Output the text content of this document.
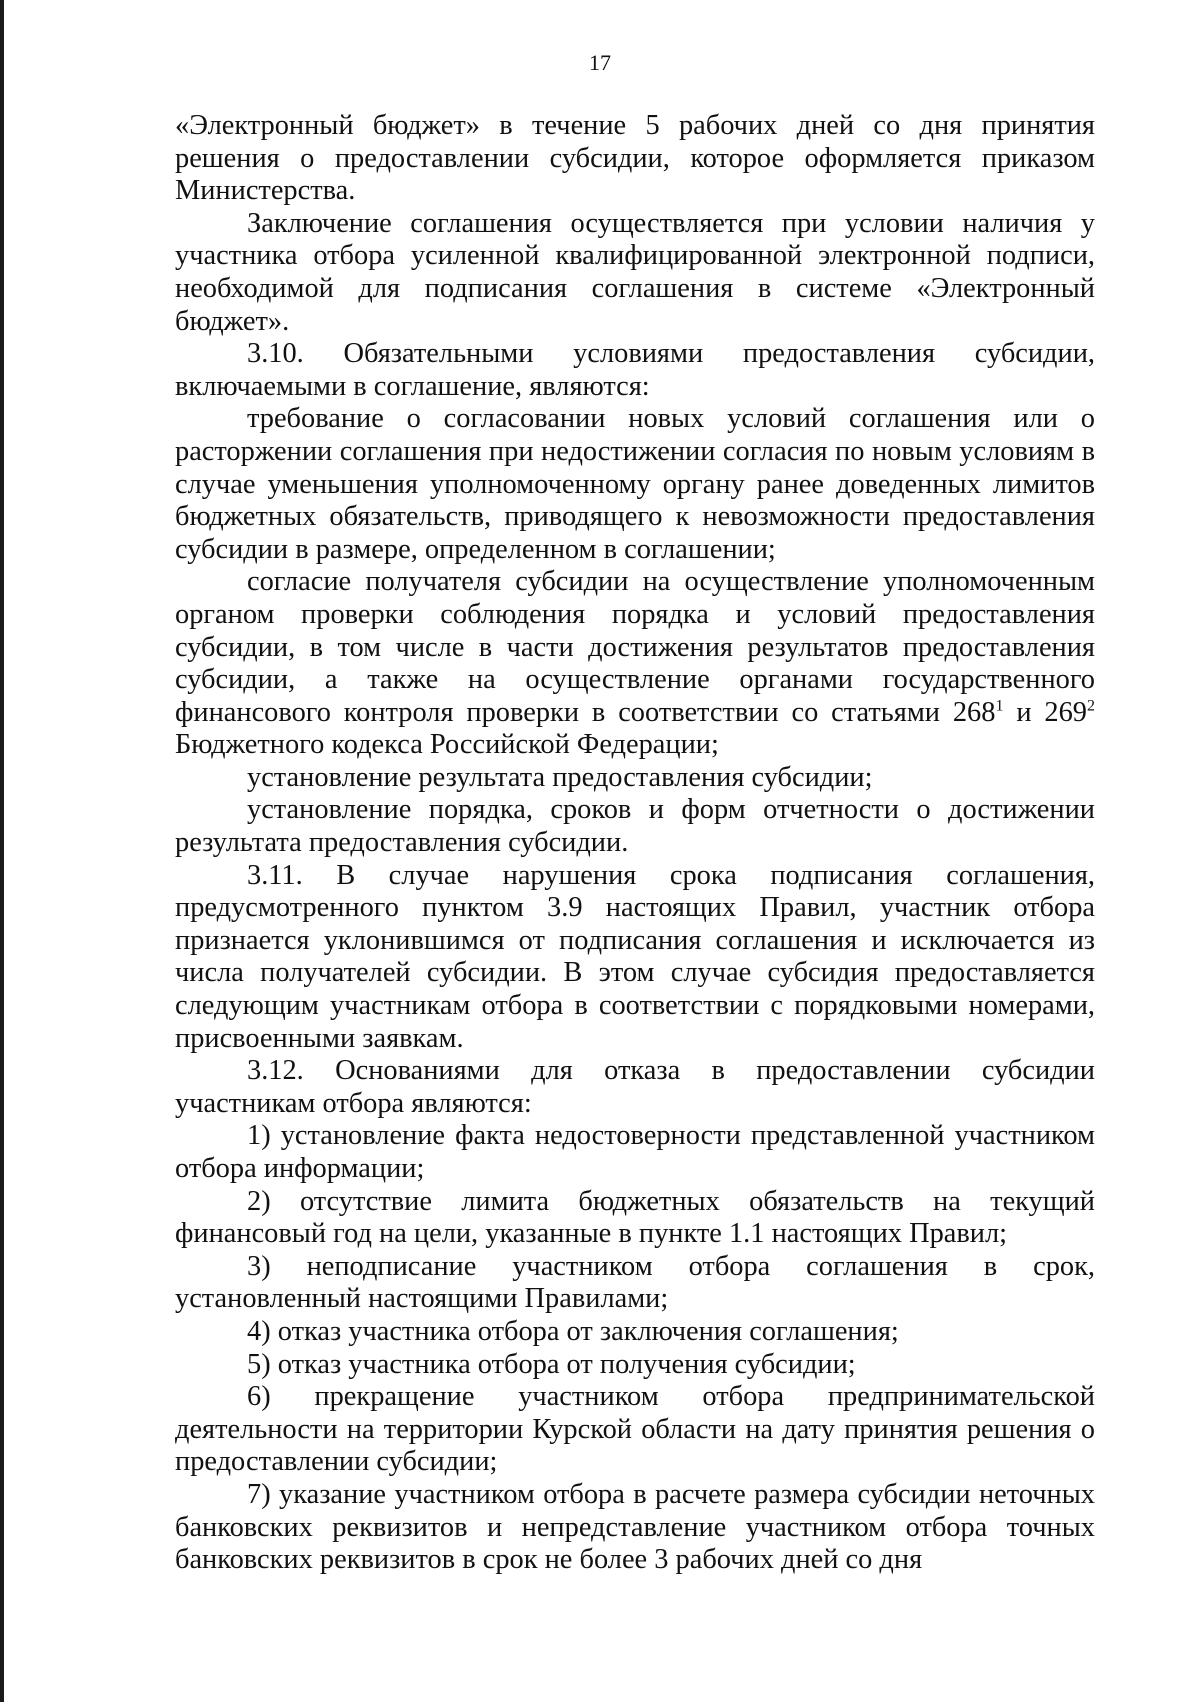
17

«Электронный бюджет» в течение 5 рабочих дней со дня принятия решения о предоставлении субсидии, которое оформляется приказом Министерства.

Заключение соглашения осуществляется при условии наличия у участника отбора усиленной квалифицированной электронной подписи, необходимой для подписания соглашения в системе «Электронный бюджет».

3.10. Обязательными условиями предоставления субсидии, включаемыми в соглашение, являются:

требование о согласовании новых условий соглашения или о расторжении соглашения при недостижении согласия по новым условиям в случае уменьшения уполномоченному органу ранее доведенных лимитов бюджетных обязательств, приводящего к невозможности предоставления субсидии в размере, определенном в соглашении;

согласие получателя субсидии на осуществление уполномоченным органом проверки соблюдения порядка и условий предоставления субсидии, в том числе в части достижения результатов предоставления субсидии, а также на осуществление органами государственного финансового контроля проверки в соответствии со статьями $268^1$ и $269^2$ Бюджетного кодекса Российской Федерации;

установление результата предоставления субсидии;

установление порядка, сроков и форм отчетности о достижении результата предоставления субсидии.

3.11. В случае нарушения срока подписания соглашения, предусмотренного пунктом 3.9 настоящих Правил, участник отбора признается уклонившимся от подписания соглашения и исключается из числа получателей субсидии. В этом случае субсидия предоставляется следующим участникам отбора в соответствии с порядковыми номерами, присвоенными заявкам.

3.12. Основаниями для отказа в предоставлении субсидии участникам отбора являются:

1) установление факта недостоверности представленной участником отбора информации;

2) отсутствие лимита бюджетных обязательств на текущий финансовый год на цели, указанные в пункте 1.1 настоящих Правил;

3) неподписание участником отбора соглашения в срок, установленный настоящими Правилами;

4) отказ участника отбора от заключения соглашения;

5) отказ участника отбора от получения субсидии;

6) прекращение участником отбора предпринимательской деятельности на территории Курской области на дату принятия решения о предоставлении субсидии;

7) указание участником отбора в расчете размера субсидии неточных банковских реквизитов и непредставление участником отбора точных банковских реквизитов в срок не более 3 рабочих дней со дня
